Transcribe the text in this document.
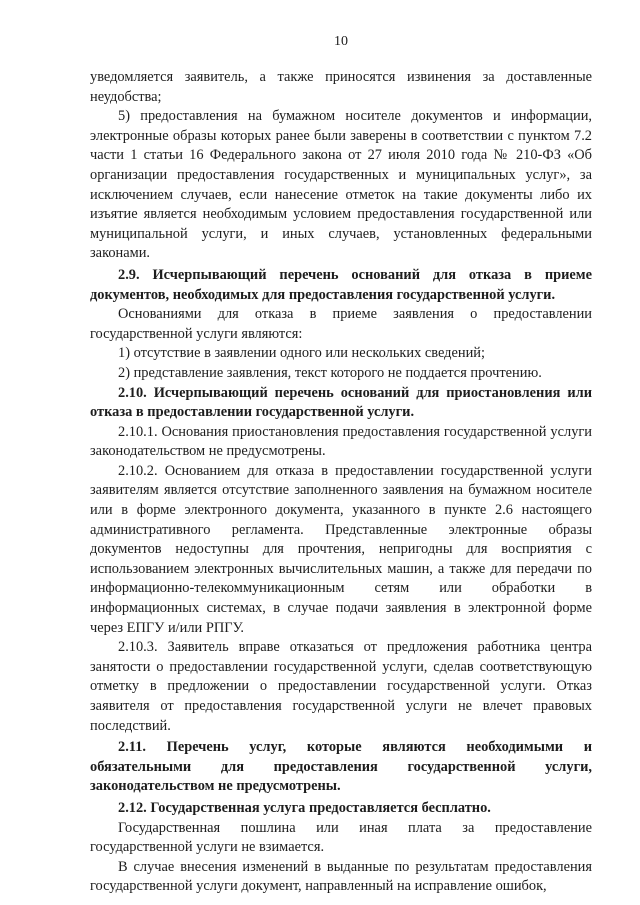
10

уведомляется заявитель, а также приносятся извинения за доставленные неудобства;

5) предоставления на бумажном носителе документов и информации, электронные образы которых ранее были заверены в соответствии с пунктом 7.2 части 1 статьи 16 Федерального закона от 27 июля 2010 года № 210-ФЗ «Об организации предоставления государственных и муниципальных услуг», за исключением случаев, если нанесение отметок на такие документы либо их изъятие является необходимым условием предоставления государственной или муниципальной услуги, и иных случаев, установленных федеральными законами.

2.9. Исчерпывающий перечень оснований для отказа в приеме документов, необходимых для предоставления государственной услуги.

Основаниями для отказа в приеме заявления о предоставлении государственной услуги являются:

1) отсутствие в заявлении одного или нескольких сведений;

2) представление заявления, текст которого не поддается прочтению.

2.10. Исчерпывающий перечень оснований для приостановления или отказа в предоставлении государственной услуги.

2.10.1. Основания приостановления предоставления государственной услуги законодательством не предусмотрены.

2.10.2. Основанием для отказа в предоставлении государственной услуги заявителям является отсутствие заполненного заявления на бумажном носителе или в форме электронного документа, указанного в пункте 2.6 настоящего административного регламента. Представленные электронные образы документов недоступны для прочтения, непригодны для восприятия с использованием электронных вычислительных машин, а также для передачи по информационно-телекоммуникационным сетям или обработки в информационных системах, в случае подачи заявления в электронной форме через ЕПГУ и/или РПГУ.

2.10.3. Заявитель вправе отказаться от предложения работника центра занятости о предоставлении государственной услуги, сделав соответствующую отметку в предложении о предоставлении государственной услуги. Отказ заявителя от предоставления государственной услуги не влечет правовых последствий.

2.11. Перечень услуг, которые являются необходимыми и обязательными для предоставления государственной услуги, законодательством не предусмотрены.

2.12. Государственная услуга предоставляется бесплатно.

Государственная пошлина или иная плата за предоставление государственной услуги не взимается.

В случае внесения изменений в выданные по результатам предоставления государственной услуги документ, направленный на исправление ошибок,
